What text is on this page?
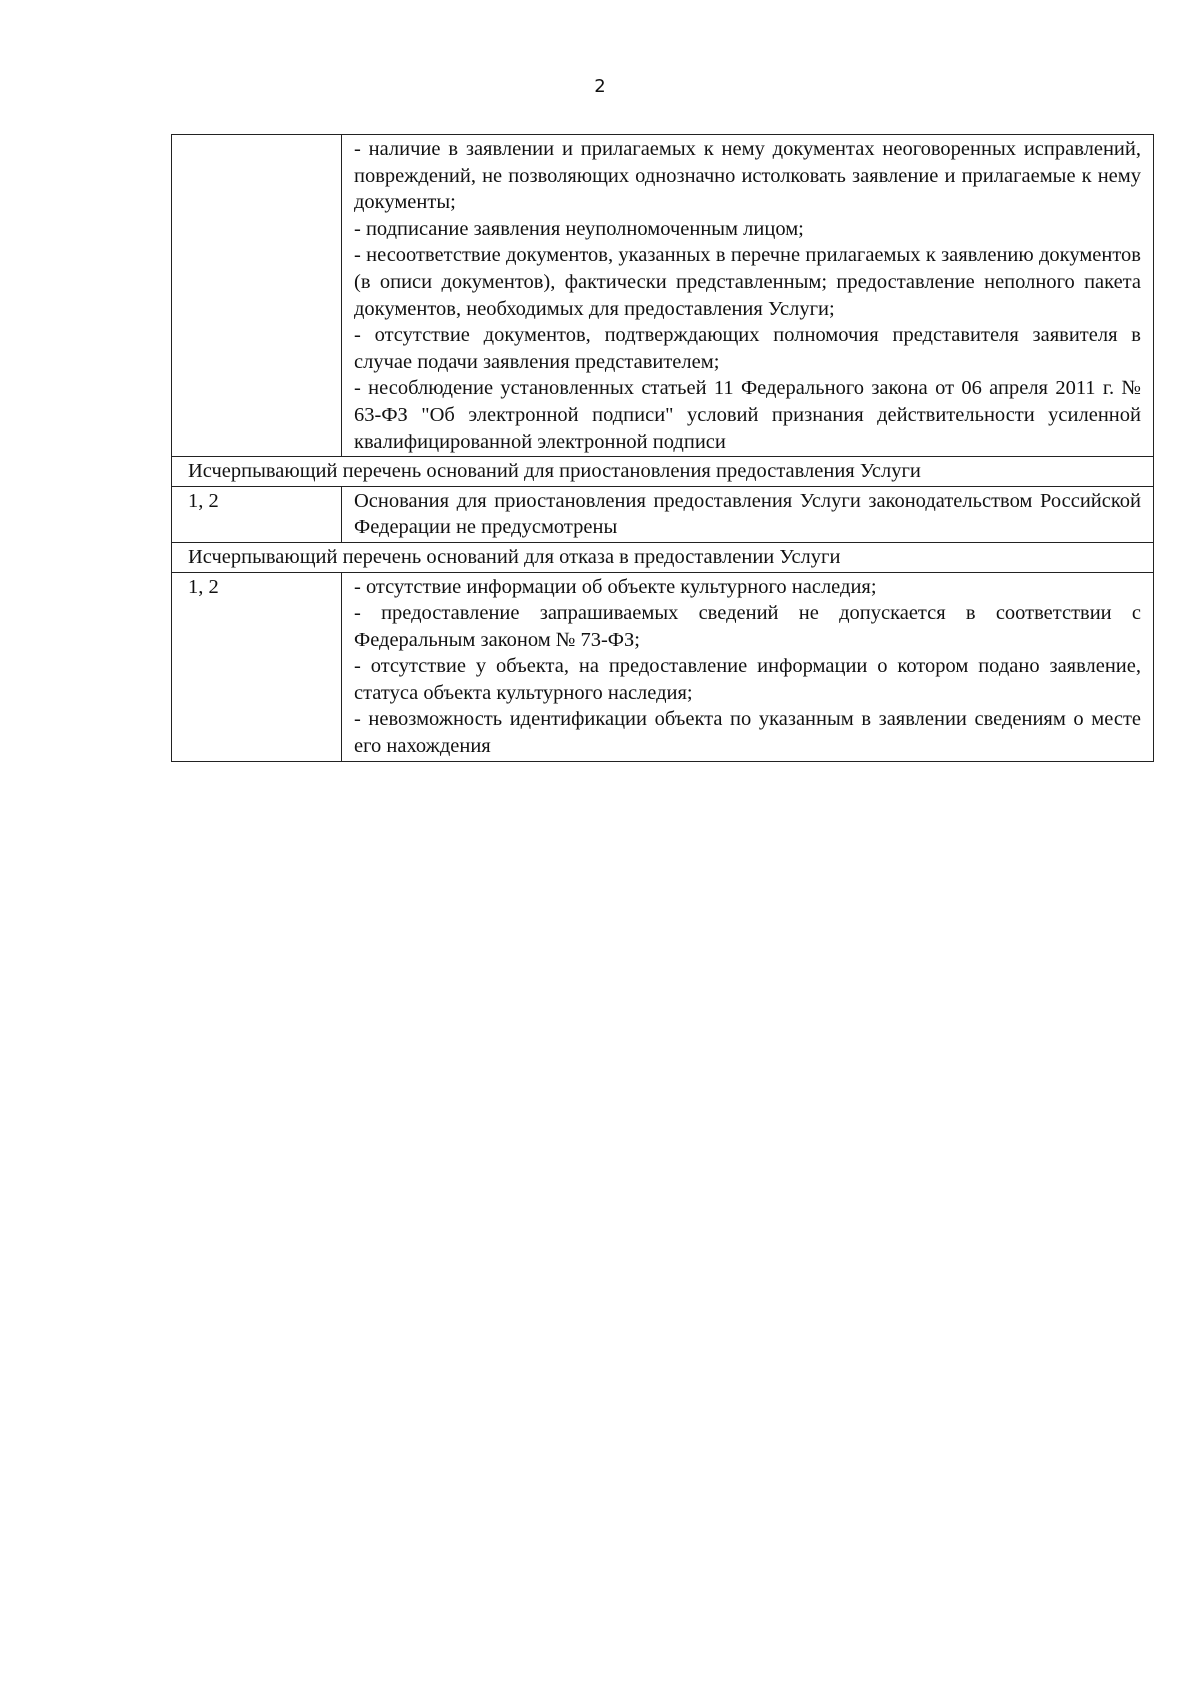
2

	- наличие в заявлении и прилагаемых к нему документах неоговоренных исправлений, повреждений, не позволяющих однозначно истолковать заявление и прилагаемые к нему документы;
- подписание заявления неуполномоченным лицом;
- несоответствие документов, указанных в перечне прилагаемых к заявлению документов (в описи документов), фактически представленным; предоставление неполного пакета документов, необходимых для предоставления Услуги;
- отсутствие документов, подтверждающих полномочия представителя заявителя в случае подачи заявления представителем;
- несоблюдение установленных статьей 11 Федерального закона от 06 апреля 2011 г. № 63-ФЗ "Об электронной подписи" условий признания действительности усиленной квалифицированной электронной подписи

Исчерпывающий перечень оснований для приостановления предоставления Услуги	
1, 2	Основания для приостановления предоставления Услуги законодательством Российской Федерации не предусмотрены
Исчерпывающий перечень оснований для отказа в предоставлении Услуги	
1, 2	- отсутствие информации об объекте культурного наследия;
- предоставление запрашиваемых сведений не допускается в соответствии с Федеральным законом № 73-ФЗ;
- отсутствие у объекта, на предоставление информации о котором подано заявление, статуса объекта культурного наследия;
- невозможность идентификации объекта по указанным в заявлении сведениям о месте его нахождения
